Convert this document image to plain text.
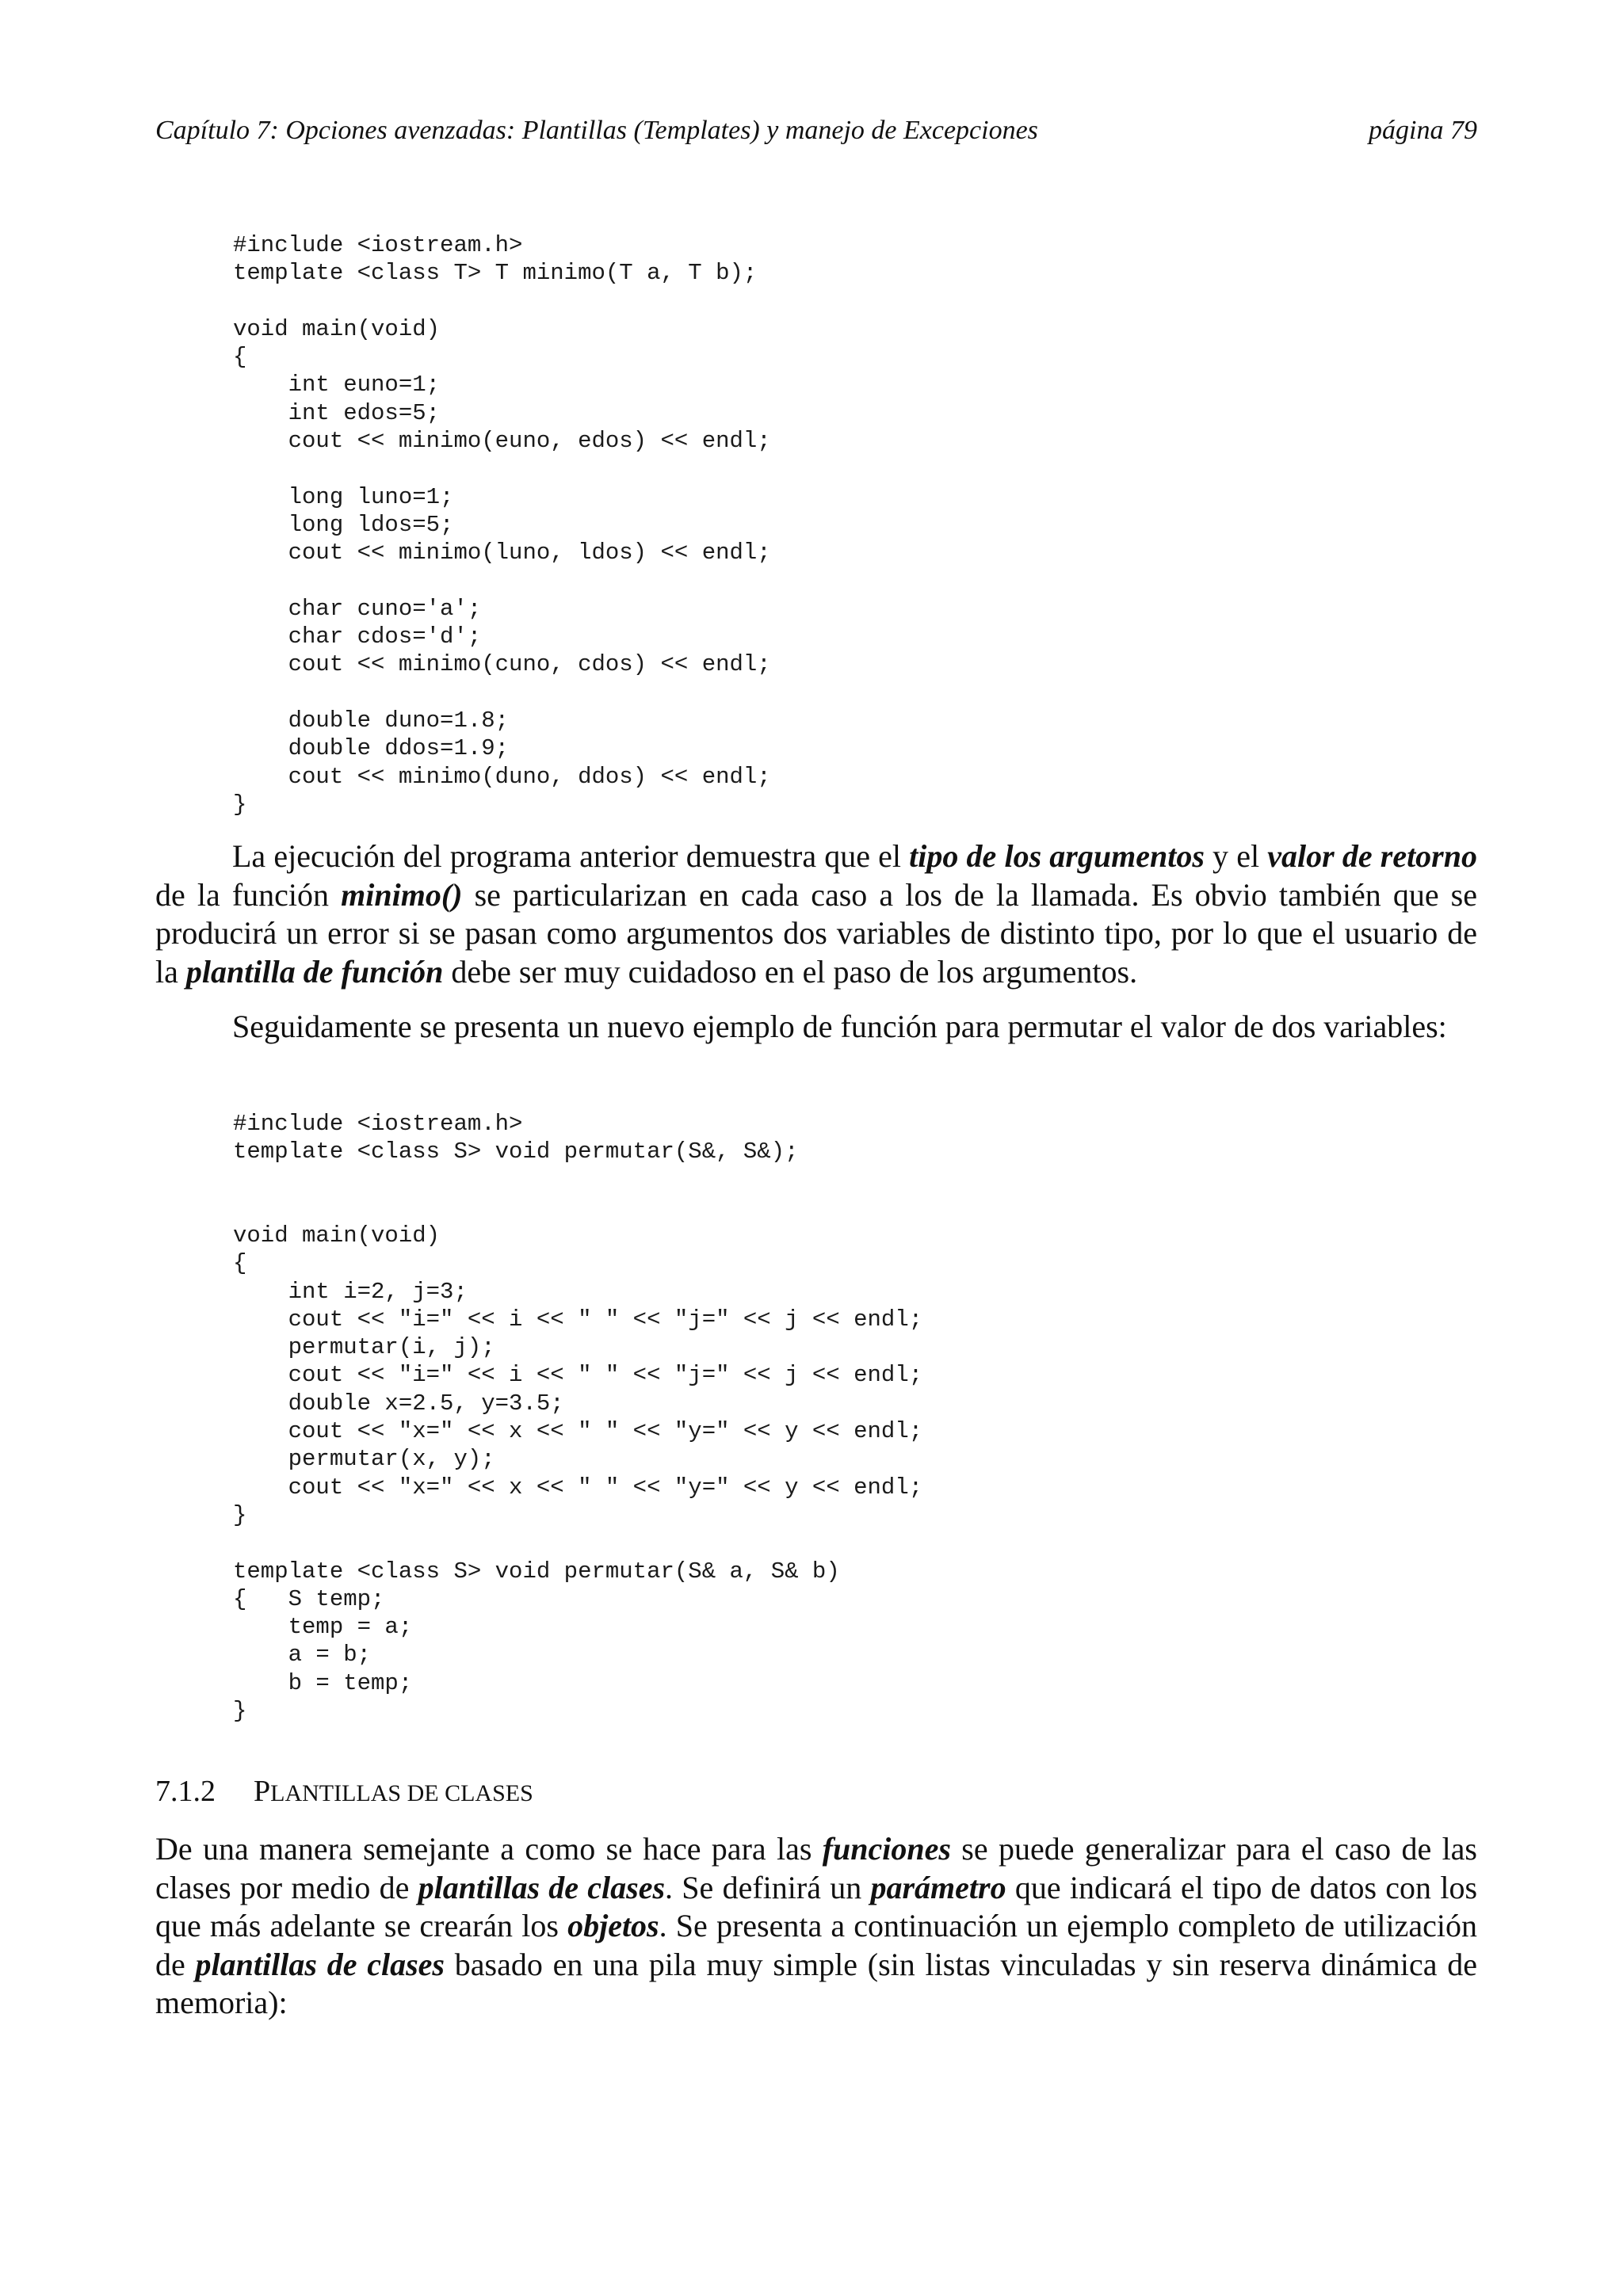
Capítulo 7: Opciones avenzadas: Plantillas (Templates) y manejo de Excepciones	página 79
#include <iostream.h>
template <class T> T minimo(T a, T b);
void main(void)
{
int euno=1;
int edos=5;
cout << minimo(euno, edos) << endl;
long luno=1;
long ldos=5;
cout << minimo(luno, ldos) << endl;
char cuno='a';
char cdos='d';
cout << minimo(cuno, cdos) << endl;
double duno=1.8;
double ddos=1.9;
cout << minimo(duno, ddos) << endl;
}

La ejecución del programa anterior demuestra que el tipo de los argumentos y el valor de retorno de la función minimo() se particularizan en cada caso a los de la llamada. Es obvio también que se producirá un error si se pasan como argumentos dos variables de distinto tipo, por lo que el usuario de la plantilla de función debe ser muy cuidadoso en el paso de los argumentos.

Seguidamente se presenta un nuevo ejemplo de función para permutar el valor de dos variables:

#include <iostream.h>
template <class S> void permutar(S&, S&);
void main(void)
{
int i=2, j=3;
cout << "i=" << i << " " << "j=" << j << endl;
permutar(i, j);
cout << "i=" << i << " " << "j=" << j << endl;
double x=2.5, y=3.5;
cout << "x=" << x << " " << "y=" << y << endl;
permutar(x, y);
cout << "x=" << x << " " << "y=" << y << endl;
}
template <class S> void permutar(S& a, S& b)
{   S temp;
temp = a;
a = b;
b = temp;
}
7.1.2 PLANTILLAS DE CLASES

De una manera semejante a como se hace para las funciones se puede generalizar para el caso de las clases por medio de plantillas de clases. Se definirá un parámetro que indicará el tipo de datos con los que más adelante se crearán los objetos. Se presenta a continuación un ejemplo completo de utilización de plantillas de clases basado en una pila muy simple (sin listas vinculadas y sin reserva dinámica de memoria):
